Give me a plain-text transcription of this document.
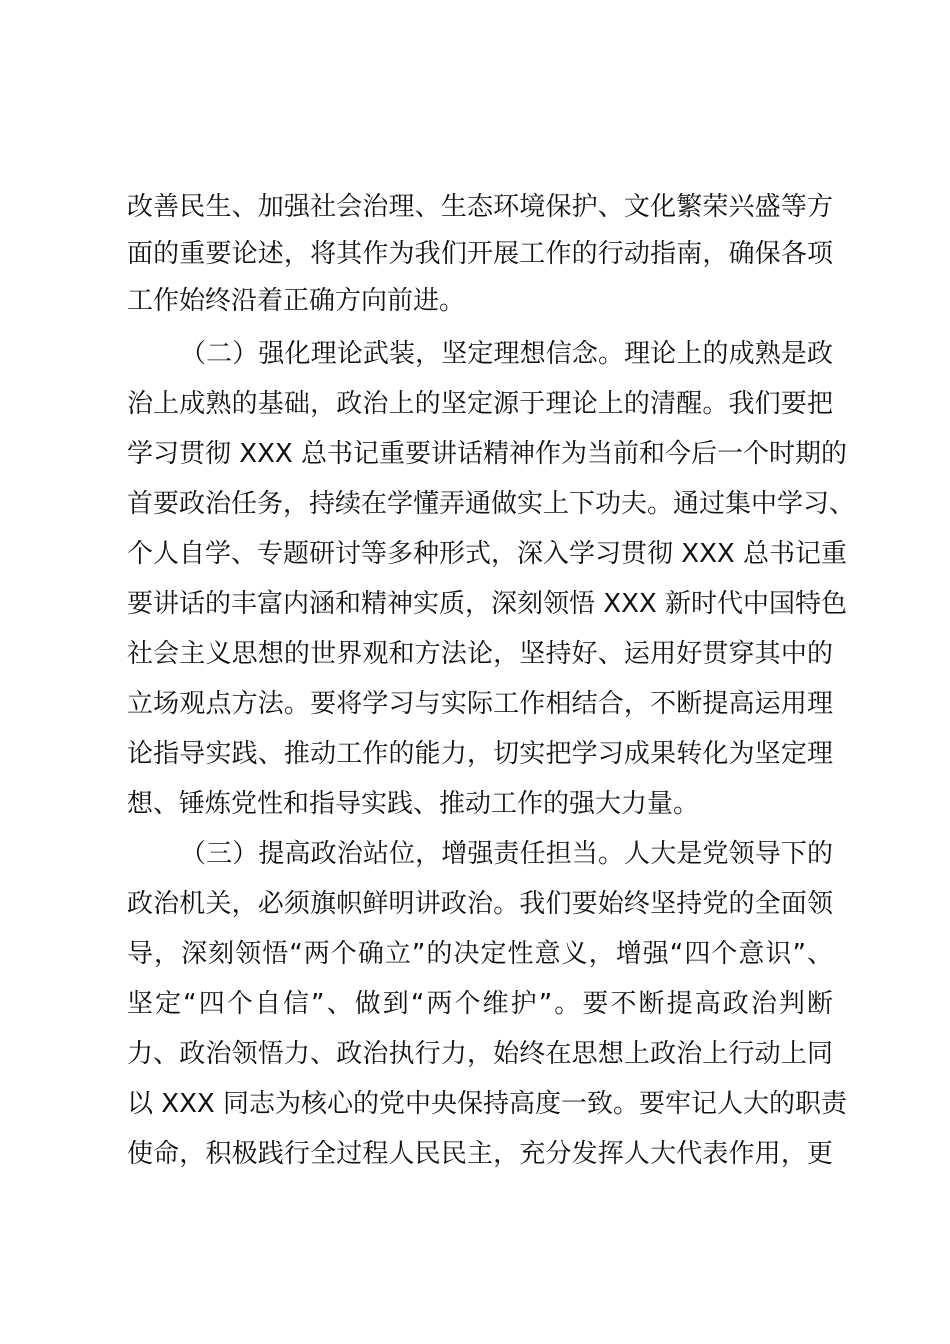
改善民生、加强社会治理、生态环境保护、文化繁荣兴盛等方
面的重要论述，将其作为我们开展工作的行动指南，确保各项
工作始终沿着正确方向前进。
（二）强化理论武装，坚定理想信念。理论上的成熟是政
治上成熟的基础，政治上的坚定源于理论上的清醒。我们要把
学习贯彻 XXX 总书记重要讲话精神作为当前和今后一个时期的
首要政治任务，持续在学懂弄通做实上下功夫。通过集中学习、
个人自学、专题研讨等多种形式，深入学习贯彻 XXX 总书记重
要讲话的丰富内涵和精神实质，深刻领悟 XXX 新时代中国特色
社会主义思想的世界观和方法论，坚持好、运用好贯穿其中的
立场观点方法。要将学习与实际工作相结合，不断提高运用理
论指导实践、推动工作的能力，切实把学习成果转化为坚定理
想、锤炼党性和指导实践、推动工作的强大力量。
（三）提高政治站位，增强责任担当。人大是党领导下的
政治机关，必须旗帜鲜明讲政治。我们要始终坚持党的全面领
导，深刻领悟“两个确立”的决定性意义，增强“四个意识”、
坚定“四个自信”、做到“两个维护”。要不断提高政治判断
力、政治领悟力、政治执行力，始终在思想上政治上行动上同
以 XXX 同志为核心的党中央保持高度一致。要牢记人大的职责
使命，积极践行全过程人民民主，充分发挥人大代表作用，更
